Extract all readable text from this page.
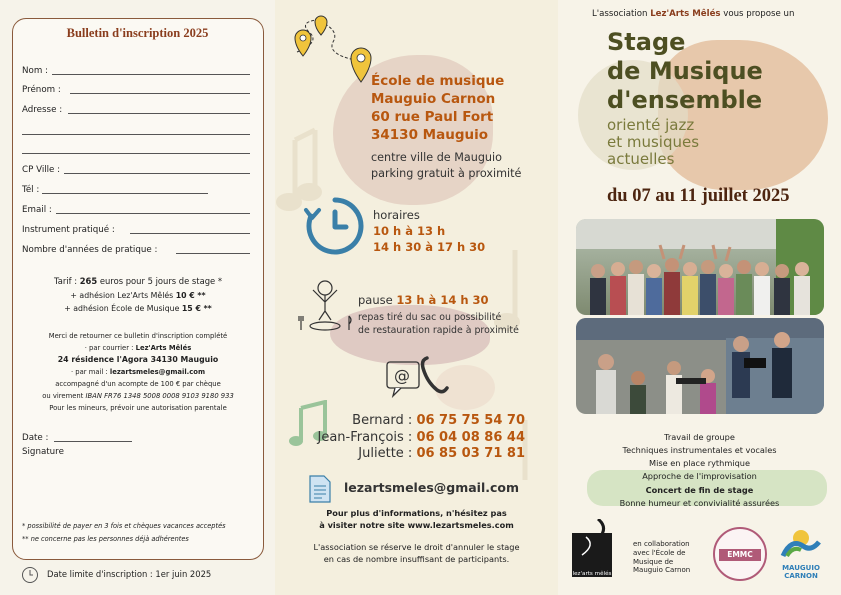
Bulletin d'inscription 2025
Nom :
Prénom :
Adresse :
CP Ville :
Tél :
Email :
Instrument pratiqué :
Nombre d'années de pratique :
Tarif : 265 euros pour 5 jours de stage *
+ adhésion Lez'Arts Mêlés 10 € **
+ adhésion École de Musique 15 € **
Merci de retourner ce bulletin d'inscription complété
· par courrier : Lez'Arts Mêlés
24 résidence l'Agora 34130 Mauguio
· par mail : lezartsmeles@gmail.com
accompagné d'un acompte de 100 € par chèque
ou virement IBAN FR76 1348 5008 0008 9103 9180 933
Pour les mineurs, prévoir une autorisation parentale
Date :
Signature
* possibilité de payer en 3 fois et chèques vacances acceptés
** ne concerne pas les personnes déjà adhérentes
Date limite d'inscription : 1er juin 2025
École de musique
Mauguio Carnon
60 rue Paul Fort
34130 Mauguio
centre ville de Mauguio
parking gratuit à proximité
horaires
10 h à 13 h
14 h 30 à 17 h 30
pause 13 h à 14 h 30
repas tiré du sac ou possibilité
de restauration rapide à proximité
@
Bernard : 06 75 75 54 70
Jean-François : 06 04 08 86 44
Juliette : 06 85 03 71 81
lezartsmeles@gmail.com
Pour plus d'informations, n'hésitez pas
à visiter notre site www.lezartsmeles.com
L'association se réserve le droit d'annuler le stage
en cas de nombre insuffisant de participants.
L'association Lez'Arts Mêlés vous propose un
Stage
de Musique
d'ensemble
orienté jazz
et musiques
actuelles
du 07 au 11 juillet 2025
Travail de groupe
Techniques instrumentales et vocales
Mise en place rythmique
Approche de l'improvisation
Concert de fin de stage
Bonne humeur et convivialité assurées
lez'arts mêlés
en collaboration
avec l'École de
Musique de
Mauguio Carnon
EMMC
MAUGUIO
CARNON
